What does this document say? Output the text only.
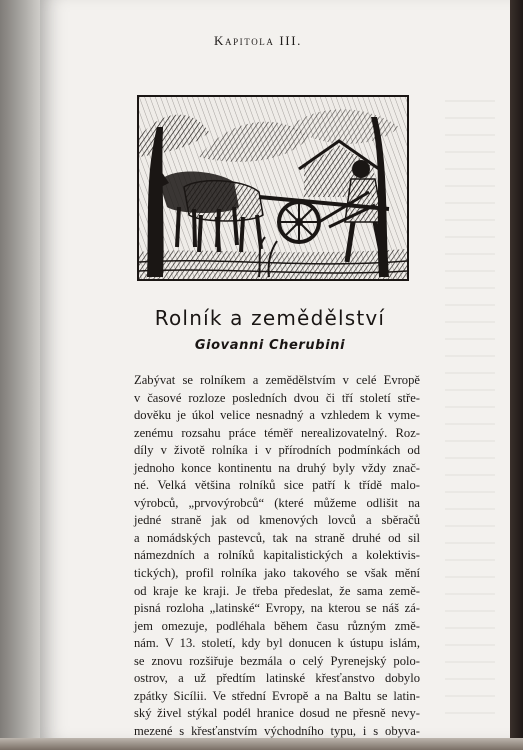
Kapitola III.
Rolník a zemědělství
Giovanni Cherubini
Zabývat se rolníkem a zemědělstvím v celé Evropě
v časové rozloze posledních dvou či tří století stře-
dověku je úkol velice nesnadný a vzhledem k vyme-
zenému rozsahu práce téměř nerealizovatelný. Roz-
díly v životě rolníka i v přírodních podmínkách od
jednoho konce kontinentu na druhý byly vždy znač-
né. Velká většina rolníků sice patří k třídě malo-
výrobců, „prvovýrobců“ (které můžeme odlišit na
jedné straně jak od kmenových lovců a sběračů
a nomádských pastevců, tak na straně druhé od sil
námezdních a rolníků kapitalistických a kolektivis-
tických), profil rolníka jako takového se však mění
od kraje ke kraji. Je třeba předeslat, že sama země-
pisná rozloha „latinské“ Evropy, na kterou se náš zá-
jem omezuje, podléhala během času různým změ-
nám. V 13. století, kdy byl donucen k ústupu islám,
se znovu rozšiřuje bezmála o celý Pyrenejský polo-
ostrov, a už předtím latinské křesťanstvo dobylo
zpátky Sicílii. Ve střední Evropě a na Baltu se latin-
ský živel stýkal podél hranice dosud ne přesně nevy-
mezené s křesťanstvím východního typu, i s obyva-
